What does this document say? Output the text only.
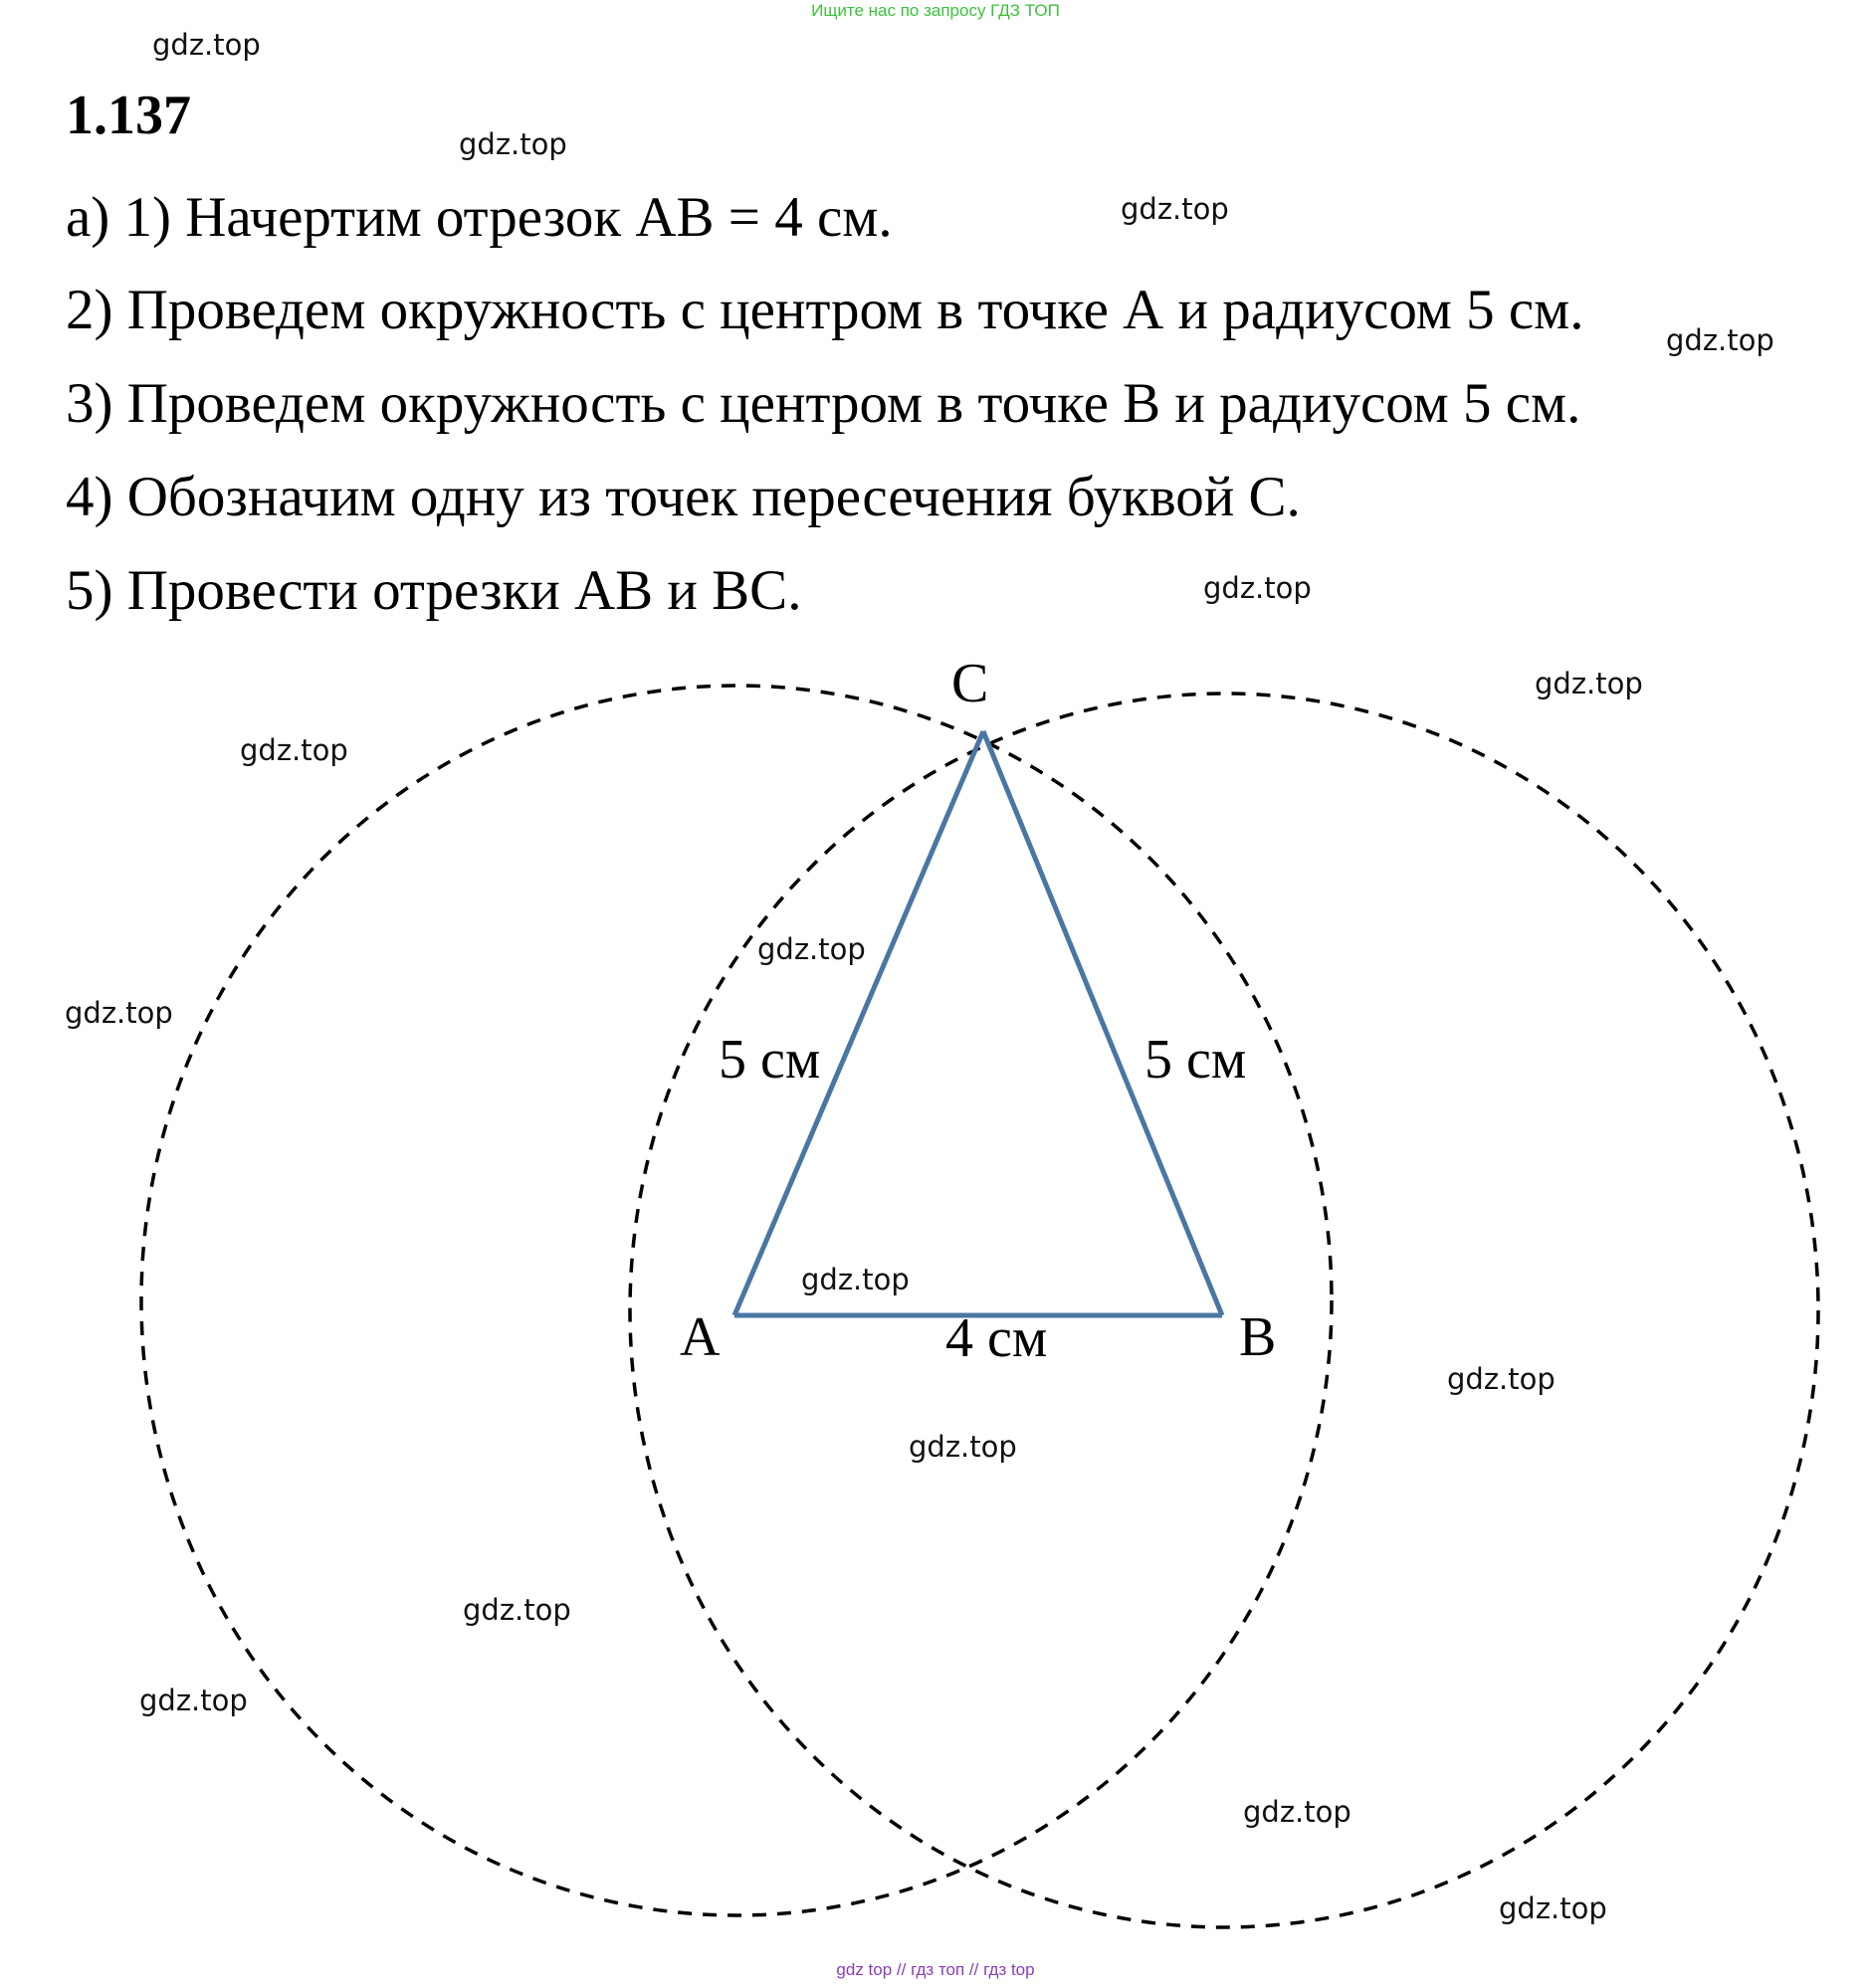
Ищите нас по запросу ГДЗ ТОП
1.137
а) 1) Начертим отрезок АВ = 4 см.
2) Проведем окружность с центром в точке А и радиусом 5 см.
3) Проведем окружность с центром в точке В и радиусом 5 см.
4) Обозначим одну из точек пересечения буквой С.
5) Провести отрезки АВ и ВС.
C
A	B
5 см	5 см
4 см
gdz.top
gdz.top
gdz.top
gdz.top
gdz.top
gdz.top
gdz.top
gdz.top
gdz.top
gdz.top
gdz.top
gdz.top
gdz.top
gdz.top
gdz.top
gdz.top
gdz top // гдз топ // гдз top
